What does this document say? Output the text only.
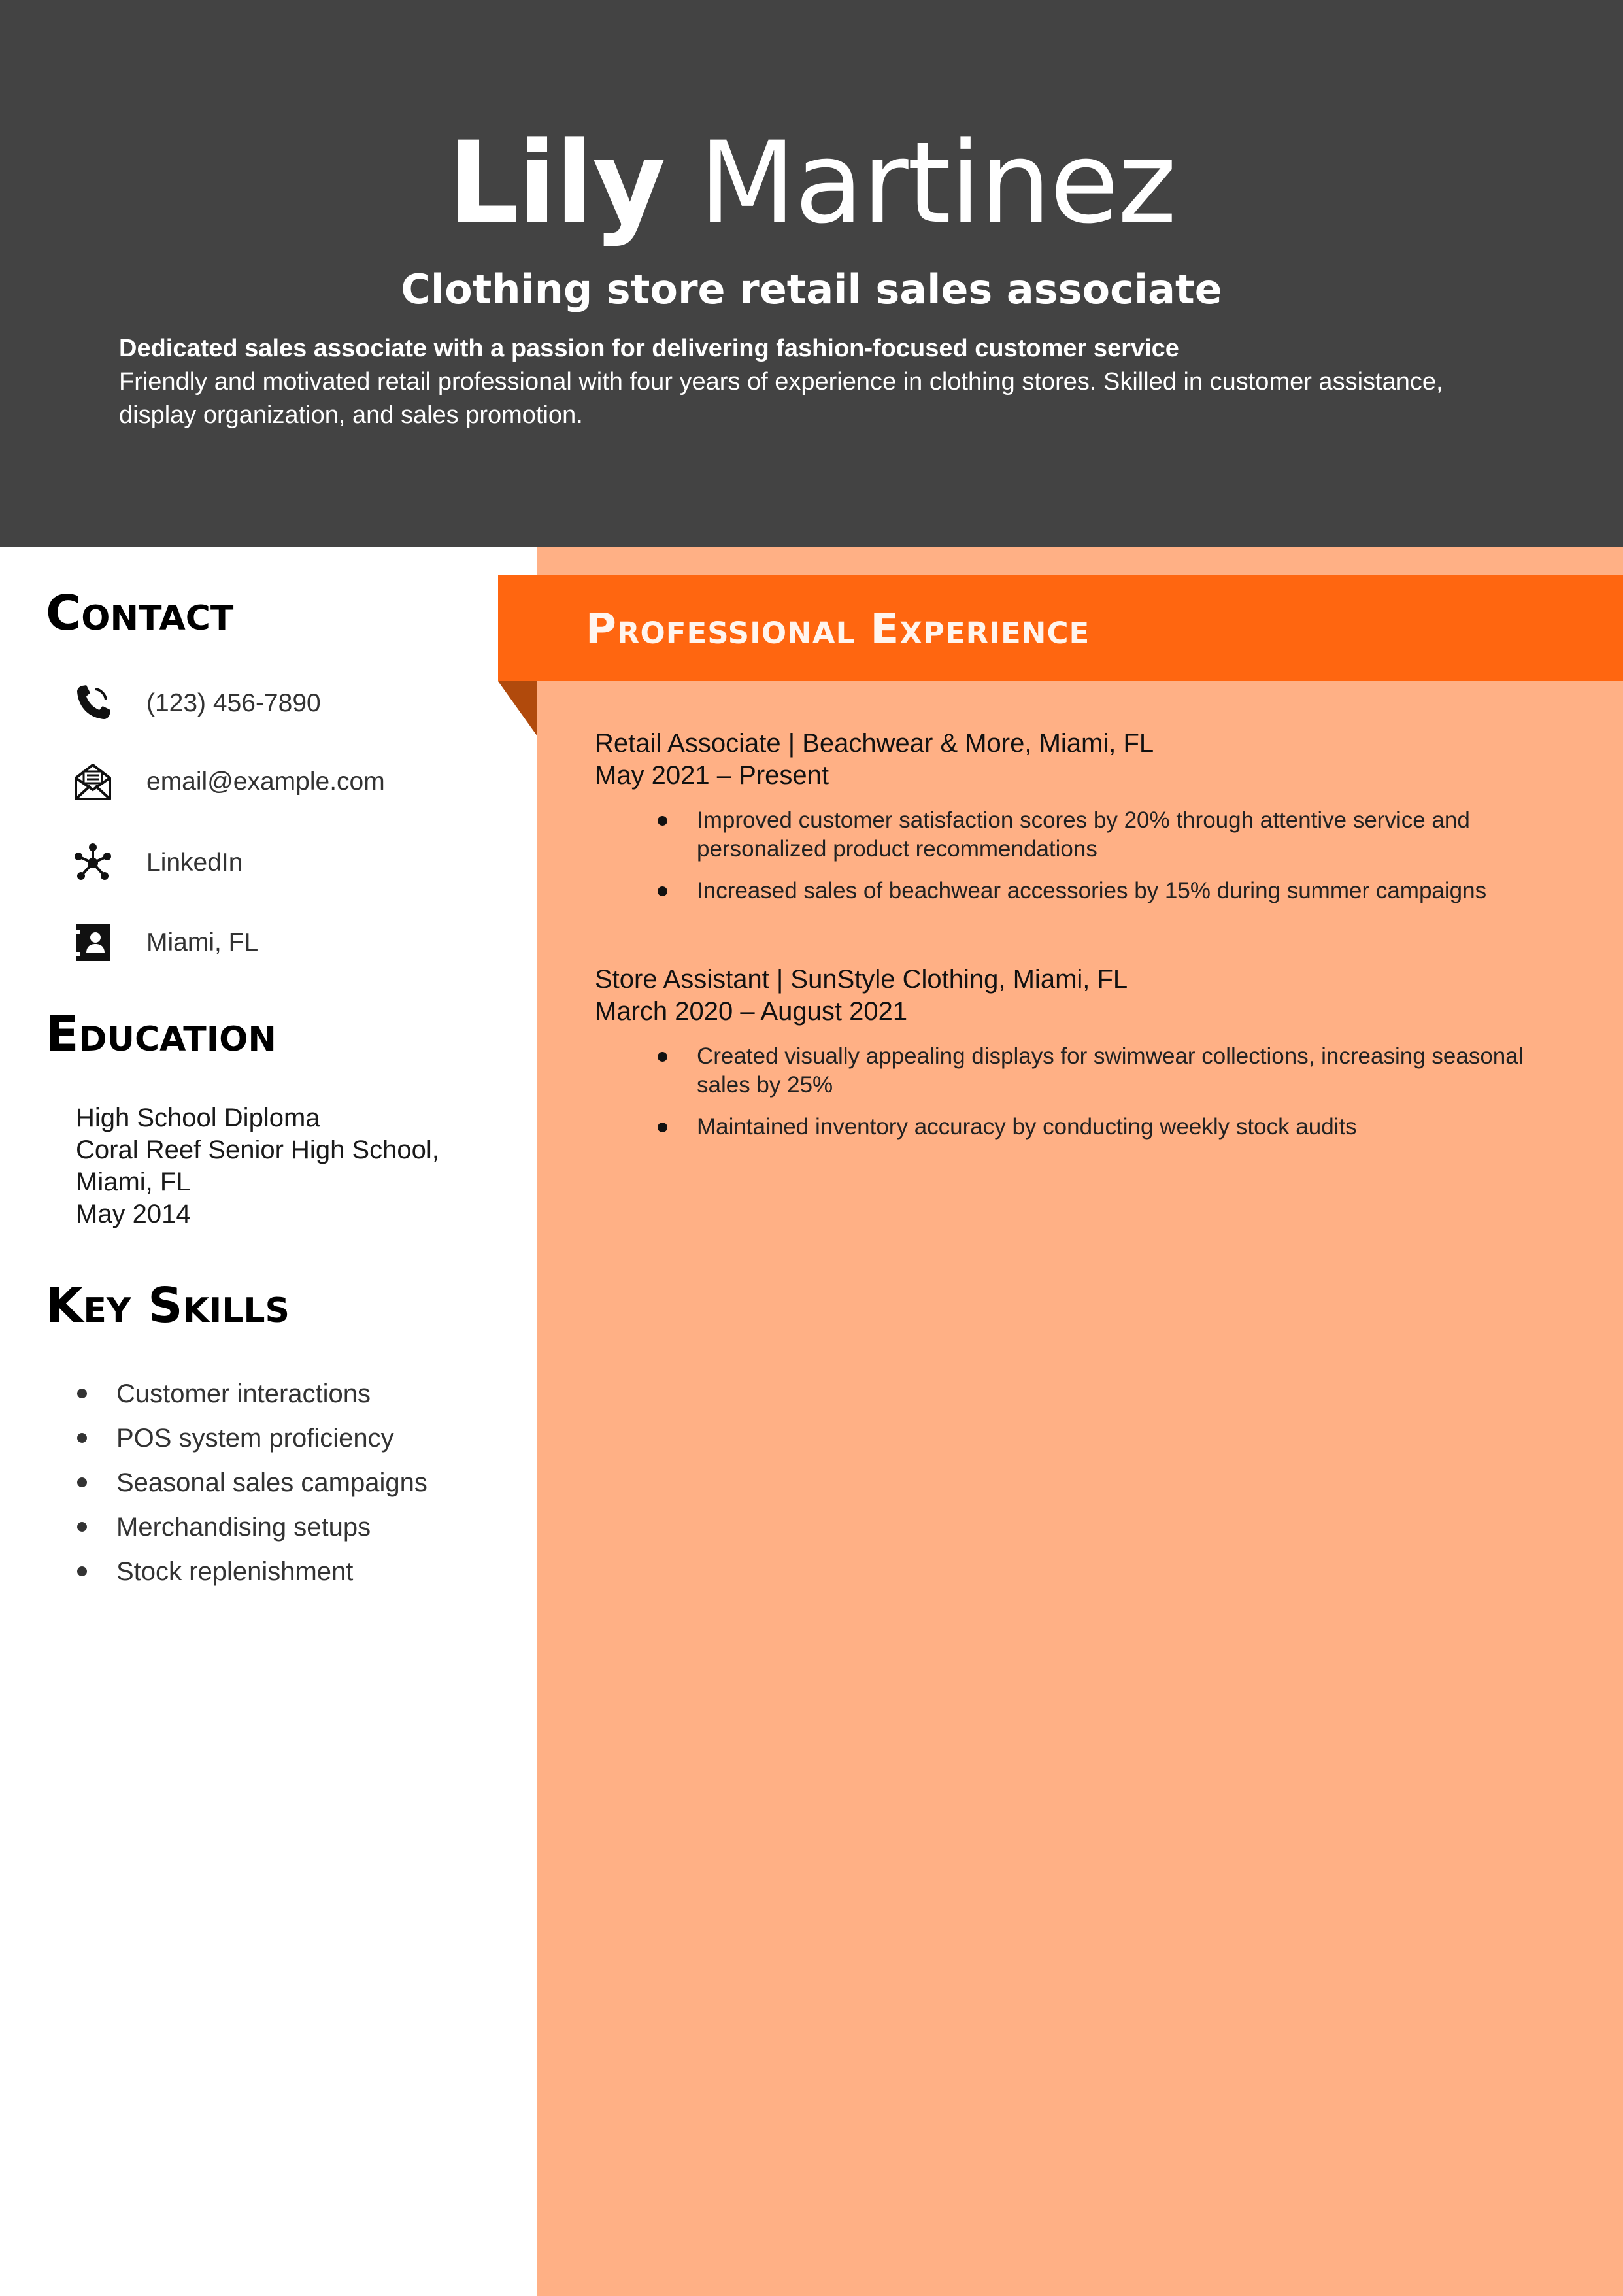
Lily Martinez
Clothing store retail sales associate
Dedicated sales associate with a passion for delivering fashion-focused customer service
Friendly and motivated retail professional with four years of experience in clothing stores. Skilled in customer assistance, display organization, and sales promotion.
Professional Experience
Contact
(123) 456-7890
email@example.com
LinkedIn
Miami, FL
Education
High School Diploma
Coral Reef Senior High School,
Miami, FL
May 2014
Key Skills
Customer interactions
POS system proficiency
Seasonal sales campaigns
Merchandising setups
Stock replenishment
Retail Associate | Beachwear & More, Miami, FL
May 2021 – Present
Improved customer satisfaction scores by 20% through attentive service and personalized product recommendations
Increased sales of beachwear accessories by 15% during summer campaigns
Store Assistant | SunStyle Clothing, Miami, FL
March 2020 – August 2021
Created visually appealing displays for swimwear collections, increasing seasonal sales by 25%
Maintained inventory accuracy by conducting weekly stock audits
